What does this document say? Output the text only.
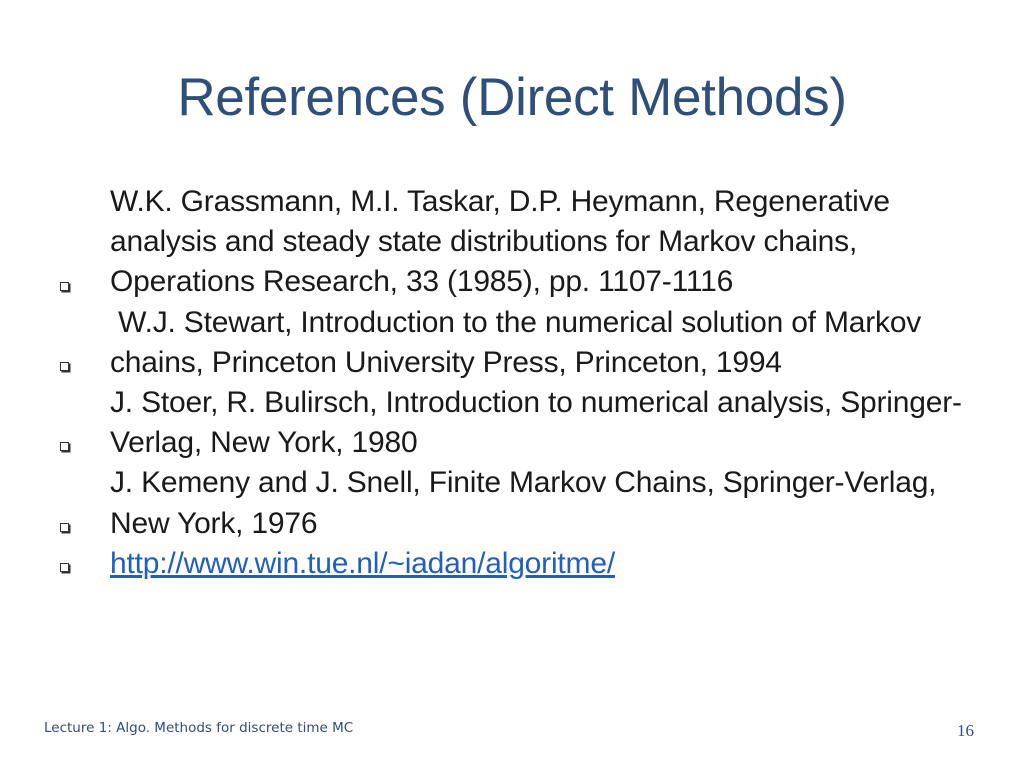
References (Direct Methods)
W.K. Grassmann, M.I. Taskar, D.P. Heymann, Regenerative analysis and steady state distributions for Markov chains, Operations Research, 33 (1985), pp. 1107-1116
W.J. Stewart, Introduction to the numerical solution of Markov chains, Princeton University Press, Princeton, 1994
J. Stoer, R. Bulirsch, Introduction to numerical analysis, Springer-Verlag, New York, 1980
J. Kemeny and J. Snell, Finite Markov Chains, Springer-Verlag, New York, 1976
http://www.win.tue.nl/~iadan/algoritme/
Lecture 1: Algo. Methods for discrete time MC	16
